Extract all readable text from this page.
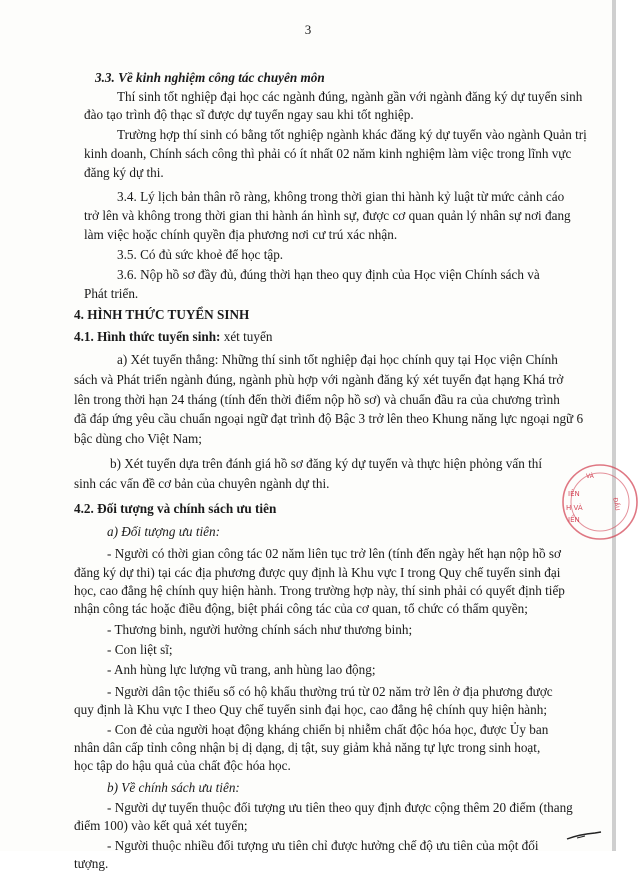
3
3.3. Về kinh nghiệm công tác chuyên môn
Thí sinh tốt nghiệp đại học các ngành đúng, ngành gần với ngành đăng ký dự tuyển sinh
đào tạo trình độ thạc sĩ được dự tuyển ngay sau khi tốt nghiệp.
Trường hợp thí sinh có bằng tốt nghiệp ngành khác đăng ký dự tuyển vào ngành Quản trị
kinh doanh, Chính sách công thì phải có ít nhất 02 năm kinh nghiệm làm việc trong lĩnh vực
đăng ký dự thi.
3.4. Lý lịch bản thân rõ ràng, không trong thời gian thi hành kỷ luật từ mức cảnh cáo
trở lên và không trong thời gian thi hành án hình sự, được cơ quan quản lý nhân sự nơi đang
làm việc hoặc chính quyền địa phương nơi cư trú xác nhận.
3.5. Có đủ sức khoẻ để học tập.
3.6. Nộp hồ sơ đầy đủ, đúng thời hạn theo quy định của Học viện Chính sách và
Phát triển.
4. HÌNH THỨC TUYỂN SINH
4.1. Hình thức tuyển sinh: xét tuyển
a) Xét tuyển thẳng: Những thí sinh tốt nghiệp đại học chính quy tại Học viện Chính
sách và Phát triển ngành đúng, ngành phù hợp với ngành đăng ký xét tuyển đạt hạng Khá trở
lên trong thời hạn 24 tháng (tính đến thời điểm nộp hồ sơ) và chuẩn đầu ra của chương trình
đã đáp ứng yêu cầu chuẩn ngoại ngữ đạt trình độ Bậc 3 trở lên theo Khung năng lực ngoại ngữ 6
bậc dùng cho Việt Nam;
b) Xét tuyển dựa trên đánh giá hồ sơ đăng ký dự tuyển và thực hiện phỏng vấn thí
sinh các vấn đề cơ bản của chuyên ngành dự thi.
4.2. Đối tượng và chính sách ưu tiên
a) Đối tượng ưu tiên:
- Người có thời gian công tác 02 năm liên tục trở lên (tính đến ngày hết hạn nộp hồ sơ
đăng ký dự thi) tại các địa phương được quy định là Khu vực I trong Quy chế tuyển sinh đại
học, cao đẳng hệ chính quy hiện hành. Trong trường hợp này, thí sinh phải có quyết định tiếp
nhận công tác hoặc điều động, biệt phái công tác của cơ quan, tổ chức có thẩm quyền;
- Thương binh, người hưởng chính sách như thương binh;
- Con liệt sĩ;
- Anh hùng lực lượng vũ trang, anh hùng lao động;
- Người dân tộc thiểu số có hộ khẩu thường trú từ 02 năm trở lên ở địa phương được
quy định là Khu vực I theo Quy chế tuyển sinh đại học, cao đẳng hệ chính quy hiện hành;
- Con đẻ của người hoạt động kháng chiến bị nhiễm chất độc hóa học, được Ủy ban
nhân dân cấp tỉnh công nhận bị dị dạng, dị tật, suy giảm khả năng tự lực trong sinh hoạt,
học tập do hậu quả của chất độc hóa học.
b) Về chính sách ưu tiên:
- Người dự tuyển thuộc đối tượng ưu tiên theo quy định được cộng thêm 20 điểm (thang
điểm 100) vào kết quả xét tuyển;
- Người thuộc nhiều đối tượng ưu tiên chỉ được hưởng chế độ ưu tiên của một đối
tượng.
VÀ
IÊN
H VÀ
IỂN
ĐẦU
